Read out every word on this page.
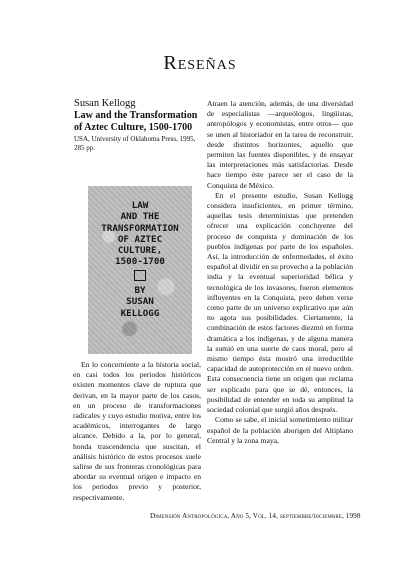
Reseñas
Susan Kellogg
Law and the Transformation of Aztec Culture, 1500-1700
USA, University of Oklahoma Press, 1995, 285 pp.
LAW
AND THE
TRANSFORMATION
OF AZTEC
CULTURE,
1500-1700
BY
SUSAN
KELLOGG

En lo concerniente a la historia social, en casi todos los periodos históricos existen momentos clave de ruptura que derivan, en la mayor parte de los casos, en un proceso de transformaciones radicales y cuyo estudio motiva, entre los académicos, interrogantes de largo alcance. Debido a la, por lo general, honda trascendencia que suscitan, el análisis histórico de estos procesos suele salirse de sus fronteras cronológicas para abordar su eventual origen e impacto en los periodos previo y posterior, respectivamente.

Atraen la atención, además, de una diversidad de especialistas —arqueólogos, lingüistas, antropólogos y economistas, entre otros— que se unen al historiador en la tarea de reconstruir, desde distintos horizontes, aquello que permiten las fuentes disponibles, y de ensayar las interpretaciones más satisfactorias. Desde hace tiempo éste parece ser el caso de la Conquista de México.

En el presente estudio, Susan Kellogg considera insuficientes, en primer término, aquellas tesis deterministas que pretenden ofrecer una explicación concluyente del proceso de conquista y dominación de los pueblos indígenas por parte de los españoles. Así, la introducción de enfermedades, el éxito español al dividir en su provecho a la población india y la eventual superioridad bélica y tecnológica de los invasores, fueron elementos influyentes en la Conquista, pero deben verse como parte de un universo explicativo que aún no agota sus posibilidades. Ciertamente, la combinación de estos factores diezmó en forma dramática a los indígenas, y de alguna manera la sumió en una suerte de caos moral, pero al mismo tiempo ésta mostró una irreductible capacidad de autoprotección en el nuevo orden. Esta consecuencia tiene un origen que reclama ser explicado para que se dé, entonces, la posibilidad de entender en toda su amplitud la sociedad colonial que surgió años después.

Como se sabe, el inicial sometimiento militar español de la población aborigen del Altiplano Central y la zona maya,

Dimensión Antropológica, Año 5, Vol. 14, septiembre/diciembre, 1998
